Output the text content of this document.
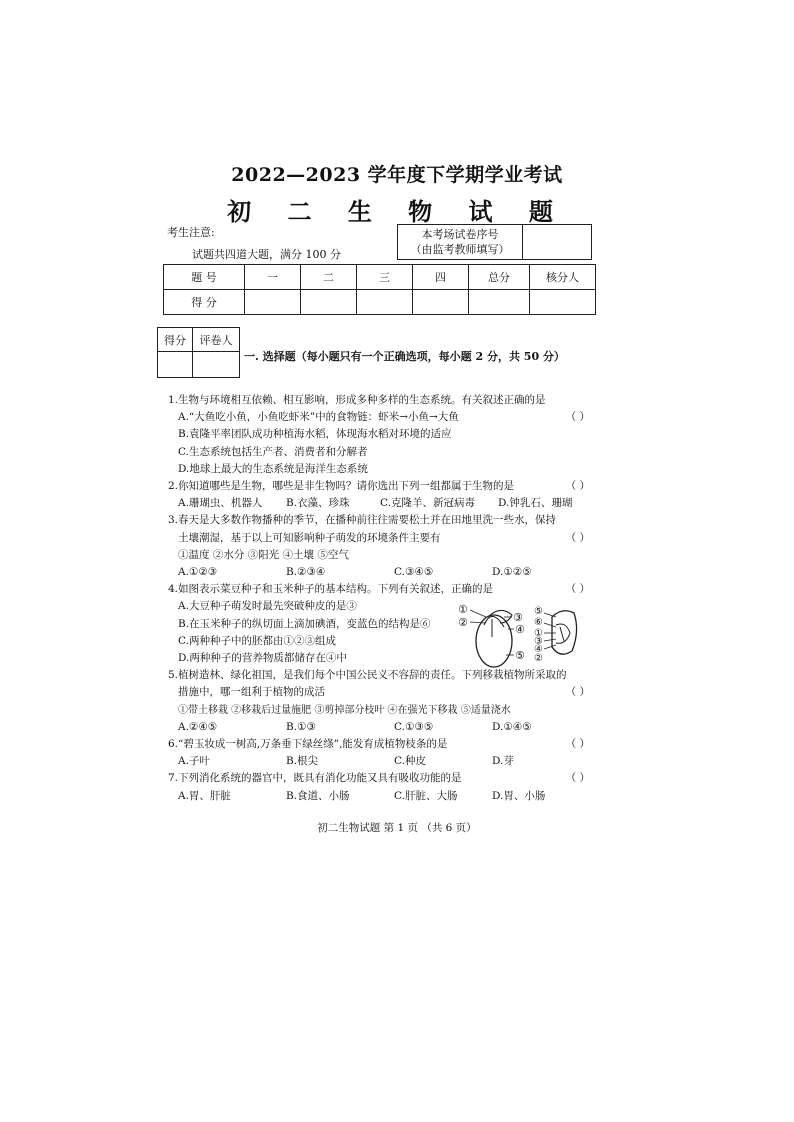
2022—2023 学年度下学期学业考试
初 二 生 物 试 题
考生注意:
试题共四道大题，满分 100 分
本考场试卷序号
（由监考教师填写）

题 号	一	二	三	四	总分	核分人
得 分						
得分	评卷人

一. 选择题（每小题只有一个正确选项，每小题 2 分，共 50 分）
1.生物与环境相互依赖、相互影响，形成多种多样的生态系统。有关叙述正确的是
A.“大鱼吃小鱼，小鱼吃虾米”中的食物链：虾米→小鱼→大鱼	（ ）
B.袁隆平率团队成功种植海水稻，体现海水稻对环境的适应
C.生态系统包括生产者、消费者和分解者
D.地球上最大的生态系统是海洋生态系统
2.你知道哪些是生物，哪些是非生物吗？请你选出下列一组都属于生物的是	（ ）
A.珊瑚虫、机器人	B.衣藻、珍珠	C.克隆羊、新冠病毒	D.钟乳石、珊瑚
3.春天是大多数作物播种的季节，在播种前往往需要松土并在田地里洗一些水，保持
土壤潮湿，基于以上可知影响种子萌发的环境条件主要有	（ ）
①温度 ②水分 ③阳光 ④土壤 ⑤空气
A.①②③	B.②③④	C.③④⑤	D.①②⑤
4.如图表示菜豆种子和玉米种子的基本结构。下列有关叙述，正确的是	（ ）
A.大豆种子萌发时最先突破种皮的是③
B.在玉米种子的纵切面上滴加碘酒，变蓝色的结构是⑥
C.两种种子中的胚都由①②③组成
D.两种种子的营养物质都储存在④中
5.植树造林、绿化祖国，是我们每个中国公民义不容辞的责任。下列移栽植物所采取的
措施中，哪一组利于植物的成活	（ ）
①带土移栽 ②移栽后过量施肥 ③剪掉部分枝叶 ④在强光下移栽 ⑤适量浇水
A.②④⑤	B.①③	C.①③⑤	D.①④⑤
6.“碧玉妆成一树高,万条垂下绿丝绦”,能发育成植物枝条的是	（ ）
A.子叶	B.根尖	C.种皮	D.芽
7.下列消化系统的器官中，既具有消化功能又具有吸收功能的是	（ ）
A.胃、肝脏	B.食道、小肠	C.肝脏、大肠	D.胃、小肠
①
②	③
④
⑤
⑤
⑥
①
③
④
②
初二生物试题 第 1 页 （共 6 页）
